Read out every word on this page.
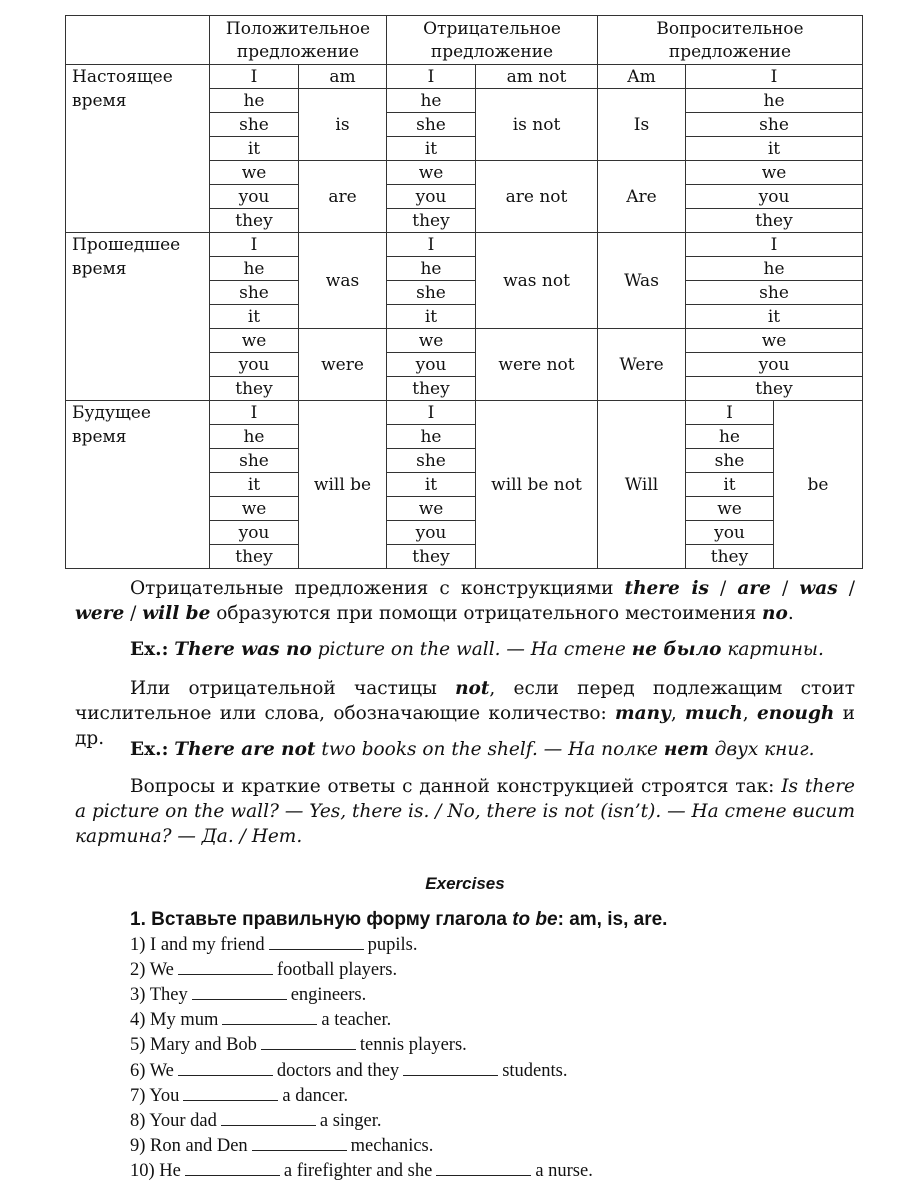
	Положительное предложение		Отрицательное предложение		Вопросительное предложение		
Настоящее время	I	am	I	am not	Am	I	
	he	is	he	is not	Is	he	
	she		she			she	
	it		it			it	
	we	are	we	are not	Are	we	
	you		you			you	
	they		they			they	
Прошедшее время	I	was	I	was not	Was	I	
	he		he			he	
	she		she			she	
	it		it			it	
	we	were	we	were not	Were	we	
	you		you			you	
	they		they			they	
Будущее время	I	will be	I	will be not	Will	I	be
	he		he			he	
	she		she			she	
	it		it			it	
	we		we			we	
	you		you			you	
	they		they			they	
Отрицательные предложения с конструкциями there is / are / was / were / will be образуются при помощи отрицательного местоимения no.
Ex.: There was no picture on the wall. — На стене не было картины.
Или отрицательной частицы not, если перед подлежащим стоит числительное или слова, обозначающие количество: many, much, enough и др.
Ex.: There are not two books on the shelf. — На полке нет двух книг.
Вопросы и краткие ответы с данной конструкцией строятся так: Is there a picture on the wall? — Yes, there is. / No, there is not (isn’t). — На стене висит картина? — Да. / Нет.
Exercises
1. Вставьте правильную форму глагола to be: am, is, are.
1) I and my friend	pupils.
2) We	football players.
3) They	engineers.
4) My mum	a teacher.
5) Mary and Bob	tennis players.
6) We	doctors and they	students.
7) You	a dancer.
8) Your dad	a singer.
9) Ron and Den	mechanics.
10) He	a firefighter and she	a nurse.
